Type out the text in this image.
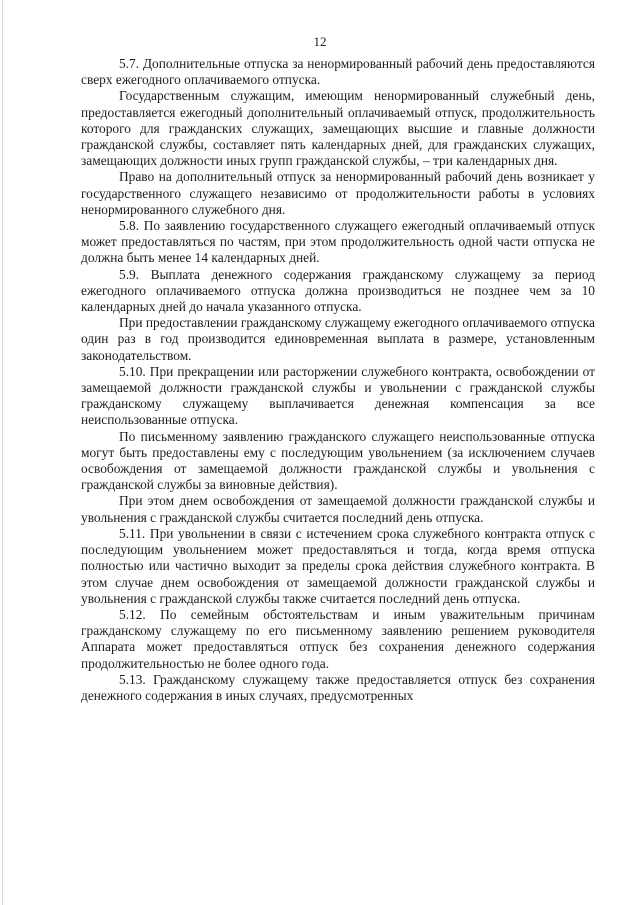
12

5.7. Дополнительные отпуска за ненормированный рабочий день предоставляются сверх ежегодного оплачиваемого отпуска.

Государственным служащим, имеющим ненормированный служебный день, предоставляется ежегодный дополнительный оплачиваемый отпуск, продолжительность которого для гражданских служащих, замещающих высшие и главные должности гражданской службы, составляет пять календарных дней, для гражданских служащих, замещающих должности иных групп гражданской службы, – три календарных дня.

Право на дополнительный отпуск за ненормированный рабочий день возникает у государственного служащего независимо от продолжительности работы в условиях ненормированного служебного дня.

5.8. По заявлению государственного служащего ежегодный оплачиваемый отпуск может предоставляться по частям, при этом продолжительность одной части отпуска не должна быть менее 14 календарных дней.

5.9. Выплата денежного содержания гражданскому служащему за период ежегодного оплачиваемого отпуска должна производиться не позднее чем за 10 календарных дней до начала указанного отпуска.

При предоставлении гражданскому служащему ежегодного оплачиваемого отпуска один раз в год производится единовременная выплата в размере, установленным законодательством.

5.10. При прекращении или расторжении служебного контракта, освобождении от замещаемой должности гражданской службы и увольнении с гражданской службы гражданскому служащему выплачивается денежная компенсация за все неиспользованные отпуска.

По письменному заявлению гражданского служащего неиспользованные отпуска могут быть предоставлены ему с последующим увольнением (за исключением случаев освобождения от замещаемой должности гражданской службы и увольнения с гражданской службы за виновные действия).

При этом днем освобождения от замещаемой должности гражданской службы и увольнения с гражданской службы считается последний день отпуска.

5.11. При увольнении в связи с истечением срока служебного контракта отпуск с последующим увольнением может предоставляться и тогда, когда время отпуска полностью или частично выходит за пределы срока действия служебного контракта. В этом случае днем освобождения от замещаемой должности гражданской службы и увольнения с гражданской службы также считается последний день отпуска.

5.12. По семейным обстоятельствам и иным уважительным причинам гражданскому служащему по его письменному заявлению решением руководителя Аппарата может предоставляться отпуск без сохранения денежного содержания продолжительностью не более одного года.

5.13. Гражданскому служащему также предоставляется отпуск без сохранения денежного содержания в иных случаях, предусмотренных
